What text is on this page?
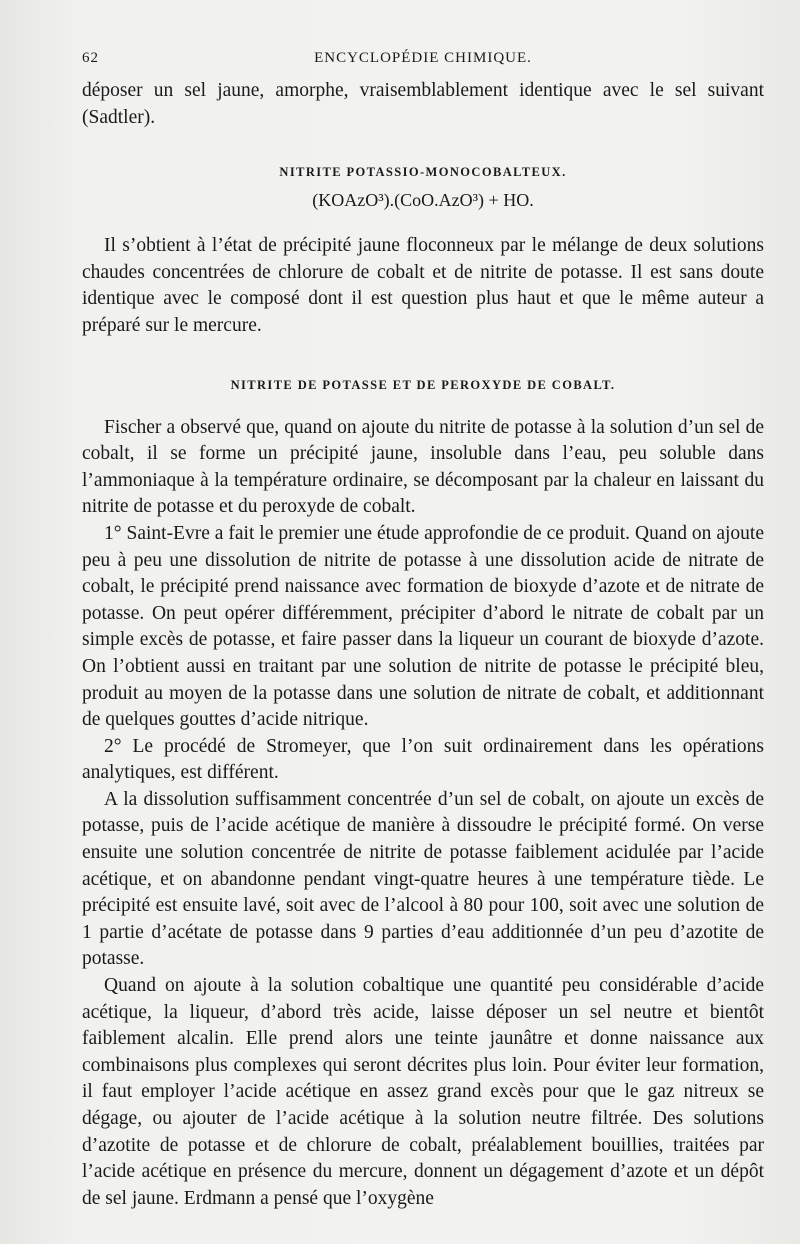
62	ENCYCLOPÉDIE CHIMIQUE.

déposer un sel jaune, amorphe, vraisemblablement identique avec le sel suivant (Sadtler).

NITRITE POTASSIO-MONOCOBALTEUX.
(KOAzO³).(CoO.AzO³) + HO.

Il s’obtient à l’état de précipité jaune floconneux par le mélange de deux solutions chaudes concentrées de chlorure de cobalt et de nitrite de potasse. Il est sans doute identique avec le composé dont il est question plus haut et que le même auteur a préparé sur le mercure.

NITRITE DE POTASSE ET DE PEROXYDE DE COBALT.

Fischer a observé que, quand on ajoute du nitrite de potasse à la solution d’un sel de cobalt, il se forme un précipité jaune, insoluble dans l’eau, peu soluble dans l’ammoniaque à la température ordinaire, se décomposant par la chaleur en laissant du nitrite de potasse et du peroxyde de cobalt.

1° Saint-Evre a fait le premier une étude approfondie de ce produit. Quand on ajoute peu à peu une dissolution de nitrite de potasse à une dissolution acide de nitrate de cobalt, le précipité prend naissance avec formation de bioxyde d’azote et de nitrate de potasse. On peut opérer différemment, précipiter d’abord le nitrate de cobalt par un simple excès de potasse, et faire passer dans la liqueur un courant de bioxyde d’azote. On l’obtient aussi en traitant par une solution de nitrite de potasse le précipité bleu, produit au moyen de la potasse dans une solution de nitrate de cobalt, et additionnant de quelques gouttes d’acide nitrique.

2° Le procédé de Stromeyer, que l’on suit ordinairement dans les opérations analytiques, est différent.

A la dissolution suffisamment concentrée d’un sel de cobalt, on ajoute un excès de potasse, puis de l’acide acétique de manière à dissoudre le précipité formé. On verse ensuite une solution concentrée de nitrite de potasse faiblement acidulée par l’acide acétique, et on abandonne pendant vingt-quatre heures à une température tiède. Le précipité est ensuite lavé, soit avec de l’alcool à 80 pour 100, soit avec une solution de 1 partie d’acétate de potasse dans 9 parties d’eau additionnée d’un peu d’azotite de potasse.

Quand on ajoute à la solution cobaltique une quantité peu considérable d’acide acétique, la liqueur, d’abord très acide, laisse déposer un sel neutre et bientôt faiblement alcalin. Elle prend alors une teinte jaunâtre et donne naissance aux combinaisons plus complexes qui seront décrites plus loin. Pour éviter leur formation, il faut employer l’acide acétique en assez grand excès pour que le gaz nitreux se dégage, ou ajouter de l’acide acétique à la solution neutre filtrée. Des solutions d’azotite de potasse et de chlorure de cobalt, préalablement bouillies, traitées par l’acide acétique en présence du mercure, donnent un dégagement d’azote et un dépôt de sel jaune. Erdmann a pensé que l’oxygène
